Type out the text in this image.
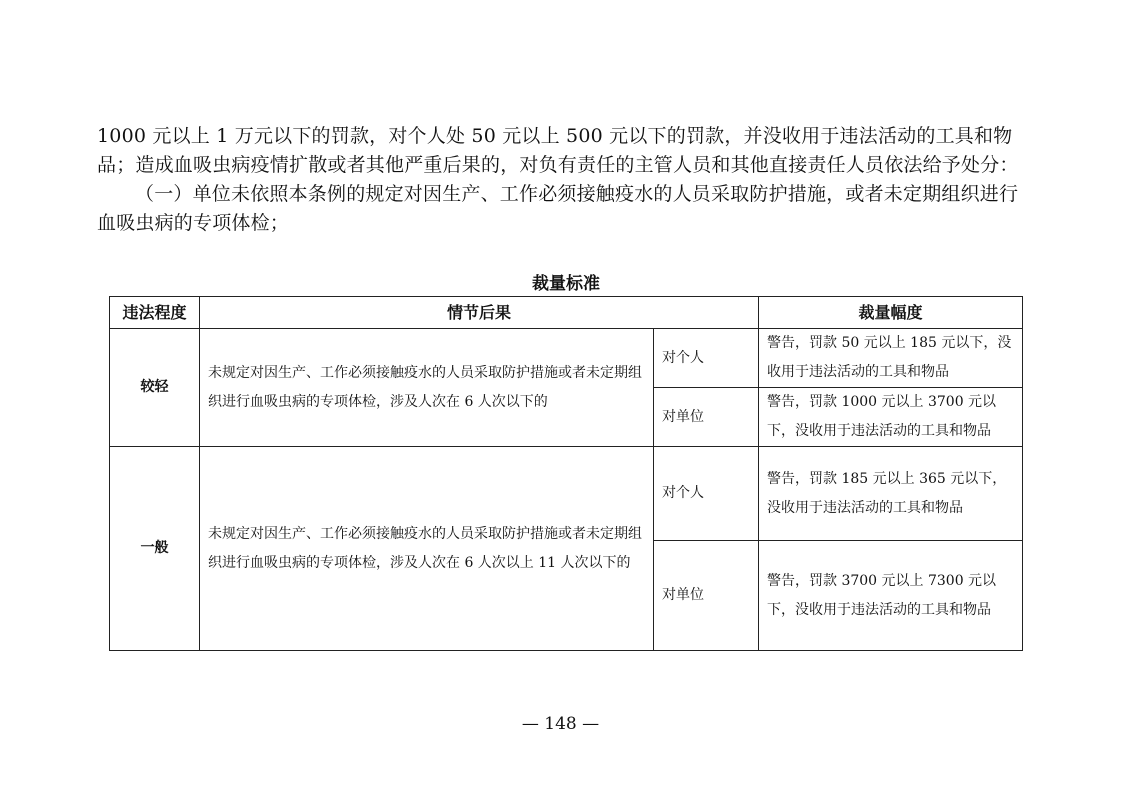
1000 元以上 1 万元以下的罚款，对个人处 50 元以上 500 元以下的罚款，并没收用于违法活动的工具和物品；造成血吸虫病疫情扩散或者其他严重后果的，对负有责任的主管人员和其他直接责任人员依法给予处分：

（一）单位未依照本条例的规定对因生产、工作必须接触疫水的人员采取防护措施，或者未定期组织进行血吸虫病的专项体检；

裁量标准
违法程度	情节后果		裁量幅度
较轻	未规定对因生产、工作必须接触疫水的人员采取防护措施或者未定期组织进行血吸虫病的专项体检，涉及人次在 6 人次以下的	对个人	警告，罚款 50 元以上 185 元以下，没收用于违法活动的工具和物品
		对单位	警告，罚款 1000 元以上 3700 元以下，没收用于违法活动的工具和物品
一般	未规定对因生产、工作必须接触疫水的人员采取防护措施或者未定期组织进行血吸虫病的专项体检，涉及人次在 6 人次以上 11 人次以下的	对个人	警告，罚款 185 元以上 365 元以下，没收用于违法活动的工具和物品
		对单位	警告，罚款 3700 元以上 7300 元以下，没收用于违法活动的工具和物品
— 148 —
